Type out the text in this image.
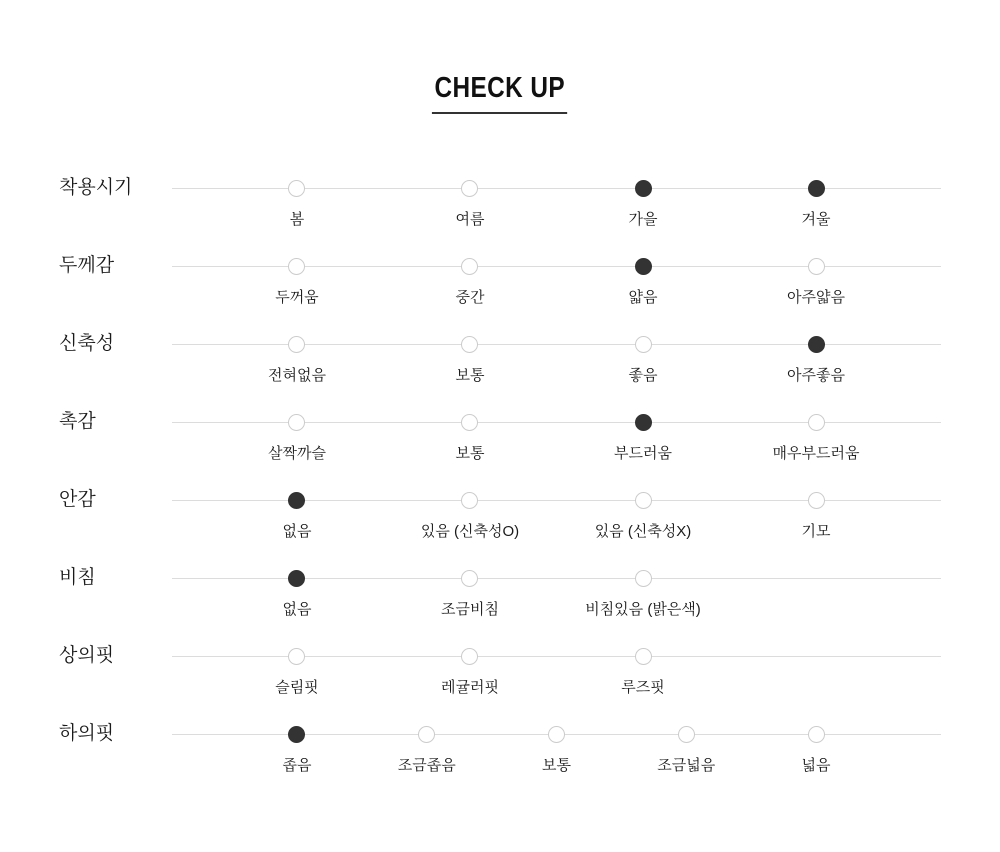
CHECK UP
착용시기
봄	여름	가을	겨울
두께감
두꺼움	중간	얇음	아주얇음
신축성
전혀없음	보통	좋음	아주좋음
촉감
살짝까슬	보통	부드러움	매우부드러움
안감
없음	있음 (신축성O)	있음 (신축성X)	기모
비침
없음	조금비침	비침있음 (밝은색)
상의핏
슬림핏	레귤러핏	루즈핏
하의핏
좁음	조금좁음	보통	조금넓음	넓음
